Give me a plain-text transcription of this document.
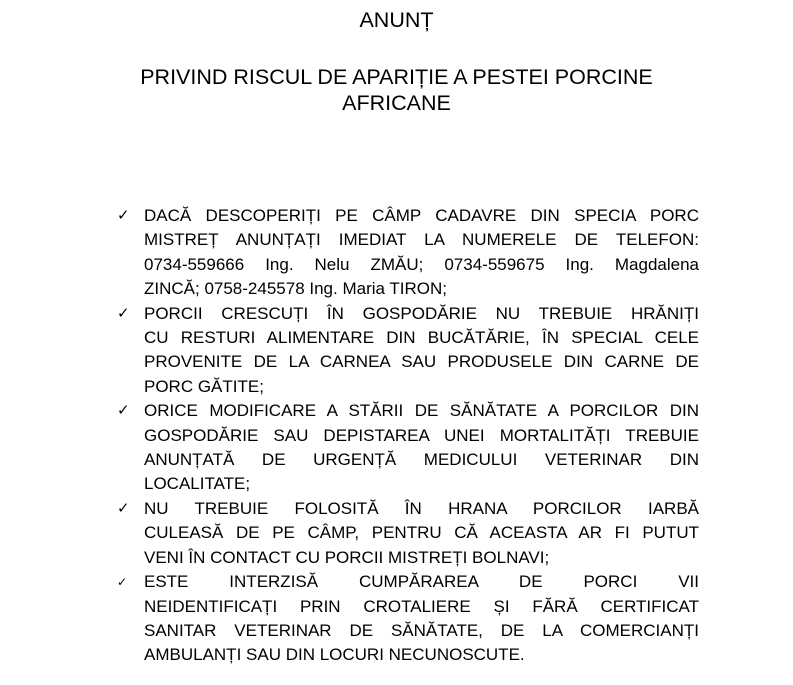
ANUNȚ
PRIVIND RISCUL DE APARIȚIE A PESTEI PORCINE
AFRICANE
✓ DACĂ DESCOPERIȚI PE CÂMP CADAVRE DIN SPECIA PORC
MISTREȚ ANUNȚAȚI IMEDIAT LA NUMERELE DE TELEFON:
0734-559666 Ing. Nelu ZMĂU; 0734-559675 Ing. Magdalena
ZINCĂ; 0758-245578 Ing. Maria TIRON;
✓ PORCII CRESCUȚI ÎN GOSPODĂRIE NU TREBUIE HRĂNIȚI
CU RESTURI ALIMENTARE DIN BUCĂTĂRIE, ÎN SPECIAL CELE
PROVENITE DE LA CARNEA SAU PRODUSELE DIN CARNE DE
PORC GĂTITE;
✓ ORICE MODIFICARE A STĂRII DE SĂNĂTATE A PORCILOR DIN
GOSPODĂRIE SAU DEPISTAREA UNEI MORTALITĂȚI TREBUIE
ANUNȚATĂ DE URGENȚĂ MEDICULUI VETERINAR DIN
LOCALITATE;
✓ NU TREBUIE FOLOSITĂ ÎN HRANA PORCILOR IARBĂ
CULEASĂ DE PE CÂMP, PENTRU CĂ ACEASTA AR FI PUTUT
VENI ÎN CONTACT CU PORCII MISTREȚI BOLNAVI;
✓ ESTE INTERZISĂ CUMPĂRAREA DE PORCI VII
NEIDENTIFICAȚI PRIN CROTALIERE ȘI FĂRĂ CERTIFICAT
SANITAR VETERINAR DE SĂNĂTATE, DE LA COMERCIANȚI
AMBULANȚI SAU DIN LOCURI NECUNOSCUTE.
